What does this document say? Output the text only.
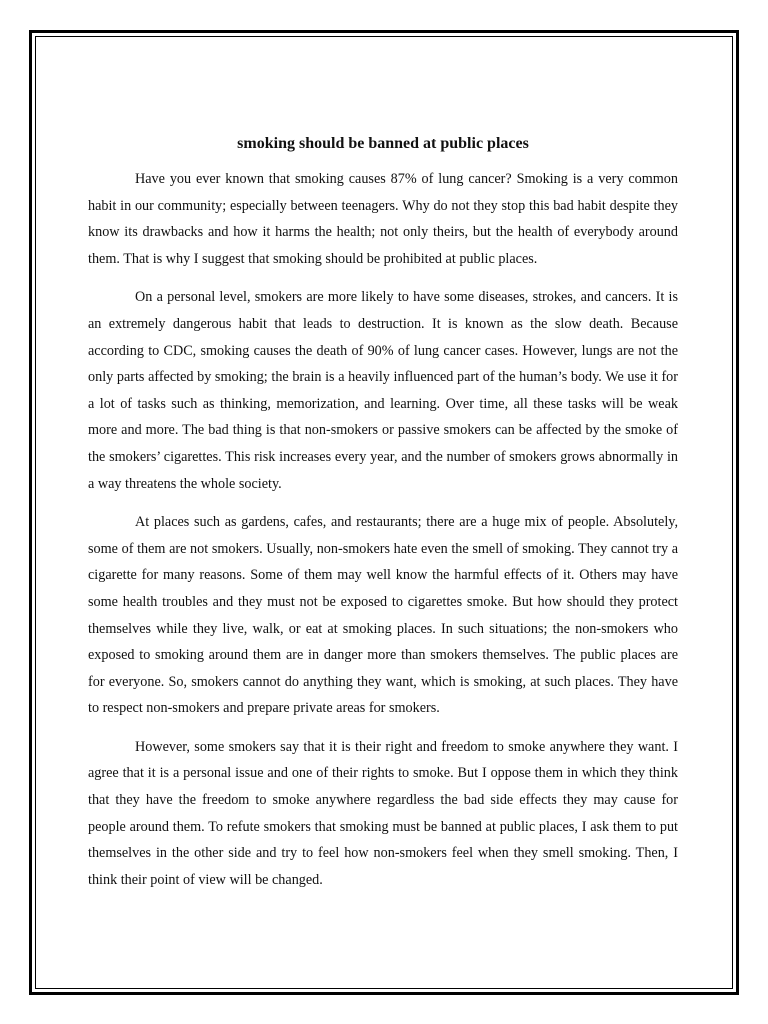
smoking should be banned at public places

Have you ever known that smoking causes 87% of lung cancer? Smoking is a very common habit in our community; especially between teenagers. Why do not they stop this bad habit despite they know its drawbacks and how it harms the health; not only theirs, but the health of everybody around them. That is why I suggest that smoking should be prohibited at public places.

On a personal level, smokers are more likely to have some diseases, strokes, and cancers. It is an extremely dangerous habit that leads to destruction. It is known as the slow death. Because according to CDC, smoking causes the death of 90% of lung cancer cases. However, lungs are not the only parts affected by smoking; the brain is a heavily influenced part of the human’s body. We use it for a lot of tasks such as thinking, memorization, and learning. Over time, all these tasks will be weak more and more. The bad thing is that non-smokers or passive smokers can be affected by the smoke of the smokers’ cigarettes. This risk increases every year, and the number of smokers grows abnormally in a way threatens the whole society.

At places such as gardens, cafes, and restaurants; there are a huge mix of people. Absolutely, some of them are not smokers. Usually, non-smokers hate even the smell of smoking. They cannot try a cigarette for many reasons. Some of them may well know the harmful effects of it. Others may have some health troubles and they must not be exposed to cigarettes smoke. But how should they protect themselves while they live, walk, or eat at smoking places. In such situations; the non-smokers who exposed to smoking around them are in danger more than smokers themselves. The public places are for everyone. So, smokers cannot do anything they want, which is smoking, at such places. They have to respect non-smokers and prepare private areas for smokers.

However, some smokers say that it is their right and freedom to smoke anywhere they want. I agree that it is a personal issue and one of their rights to smoke. But I oppose them in which they think that they have the freedom to smoke anywhere regardless the bad side effects they may cause for people around them. To refute smokers that smoking must be banned at public places, I ask them to put themselves in the other side and try to feel how non-smokers feel when they smell smoking. Then, I think their point of view will be changed.
